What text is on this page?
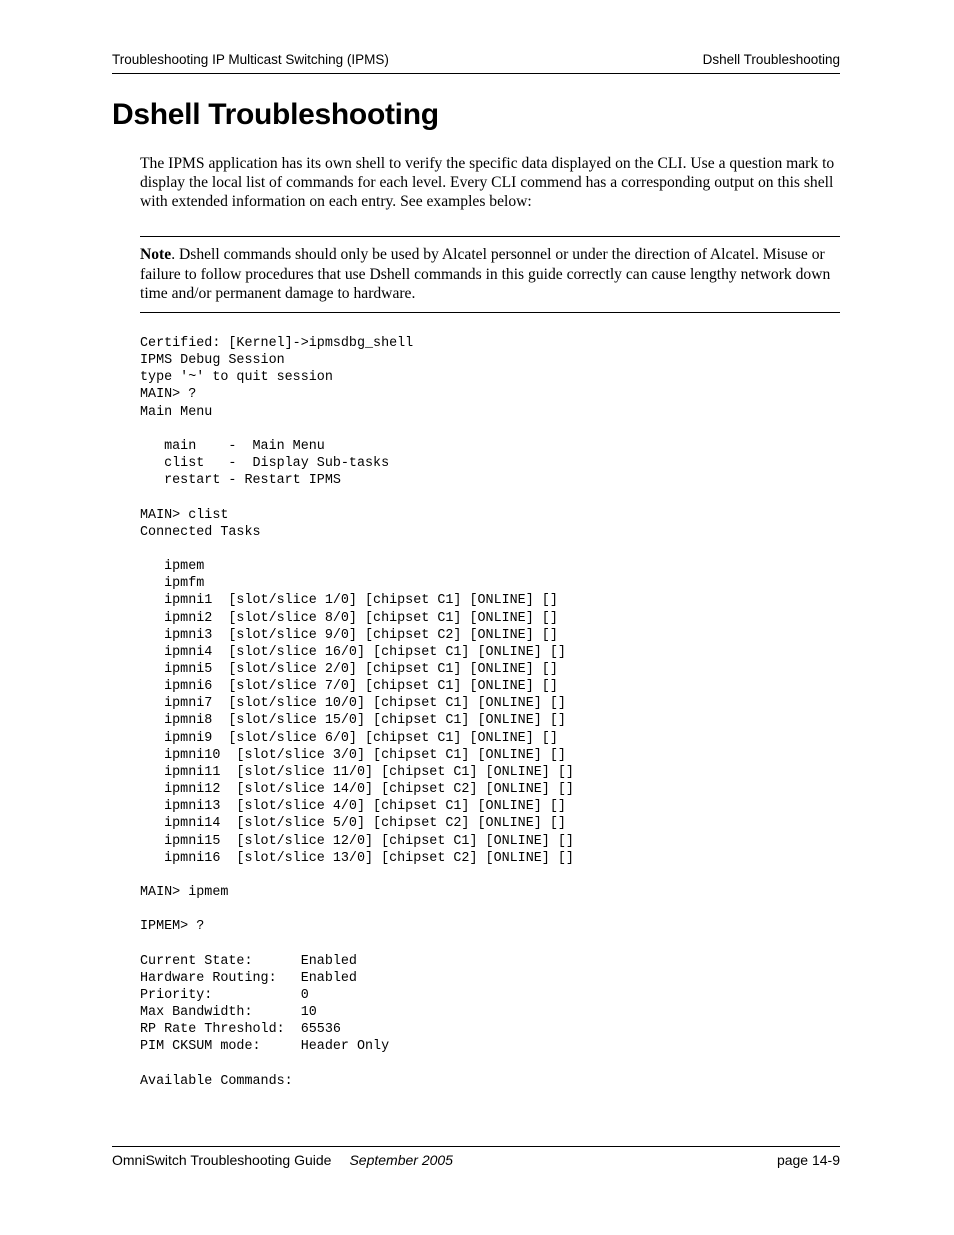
Troubleshooting IP Multicast Switching (IPMS)	Dshell Troubleshooting
Dshell Troubleshooting

The IPMS application has its own shell to verify the specific data displayed on the CLI. Use a question mark to display the local list of commands for each level. Every CLI commend has a corresponding output on this shell with extended information on each entry. See examples below:

Note. Dshell commands should only be used by Alcatel personnel or under the direction of Alcatel. Misuse or failure to follow procedures that use Dshell commands in this guide correctly can cause lengthy network down time and/or permanent damage to hardware.

Certified: [Kernel]->ipmsdbg_shell
IPMS Debug Session
type '~' to quit session
MAIN> ?
Main Menu

main    -  Main Menu
clist   -  Display Sub-tasks
restart - Restart IPMS

MAIN> clist
Connected Tasks

ipmem
ipmfm
ipmni1  [slot/slice 1/0] [chipset C1] [ONLINE] []
ipmni2  [slot/slice 8/0] [chipset C1] [ONLINE] []
ipmni3  [slot/slice 9/0] [chipset C2] [ONLINE] []
ipmni4  [slot/slice 16/0] [chipset C1] [ONLINE] []
ipmni5  [slot/slice 2/0] [chipset C1] [ONLINE] []
ipmni6  [slot/slice 7/0] [chipset C1] [ONLINE] []
ipmni7  [slot/slice 10/0] [chipset C1] [ONLINE] []
ipmni8  [slot/slice 15/0] [chipset C1] [ONLINE] []
ipmni9  [slot/slice 6/0] [chipset C1] [ONLINE] []
ipmni10  [slot/slice 3/0] [chipset C1] [ONLINE] []
ipmni11  [slot/slice 11/0] [chipset C1] [ONLINE] []
ipmni12  [slot/slice 14/0] [chipset C2] [ONLINE] []
ipmni13  [slot/slice 4/0] [chipset C1] [ONLINE] []
ipmni14  [slot/slice 5/0] [chipset C2] [ONLINE] []
ipmni15  [slot/slice 12/0] [chipset C1] [ONLINE] []
ipmni16  [slot/slice 13/0] [chipset C2] [ONLINE] []

MAIN> ipmem

IPMEM> ?

Current State:      Enabled
Hardware Routing:   Enabled
Priority:           0
Max Bandwidth:      10
RP Rate Threshold:  65536
PIM CKSUM mode:     Header Only

Available Commands:
OmniSwitch Troubleshooting Guide September 2005	page 14-9
